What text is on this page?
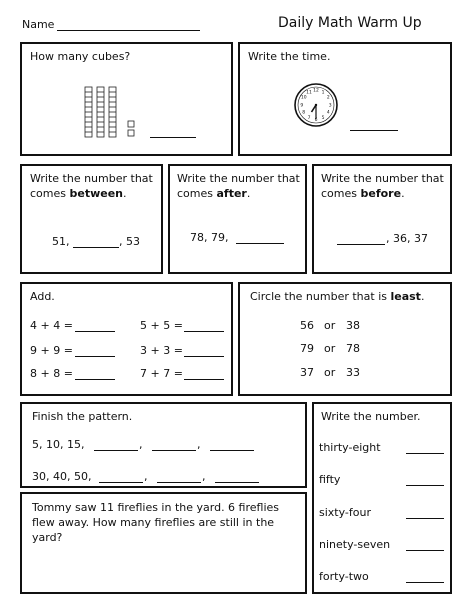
Name	Daily Math Warm Up
How many cubes?	Write the time.
12 1
2
3
4
5
6
7
8
9
10
11
Write the number that
comes between.
51,	, 53
Write the number that
comes after.
78, 79,
Write the number that
comes before.
, 36, 37
Add.
4 + 4 =	5 + 5 =
9 + 9 =	3 + 3 =
8 + 8 =	7 + 7 =
Circle the number that is least.
56 or 38
79 or 78
37 or 33
Finish the pattern.
5, 10, 15,	,	,
30, 40, 50,	,	,
Tommy saw 11 fireflies in the yard. 6 fireflies flew away. How many fireflies are still in the yard?
Write the number.
thirty-eight
fifty
sixty-four
ninety-seven
forty-two
